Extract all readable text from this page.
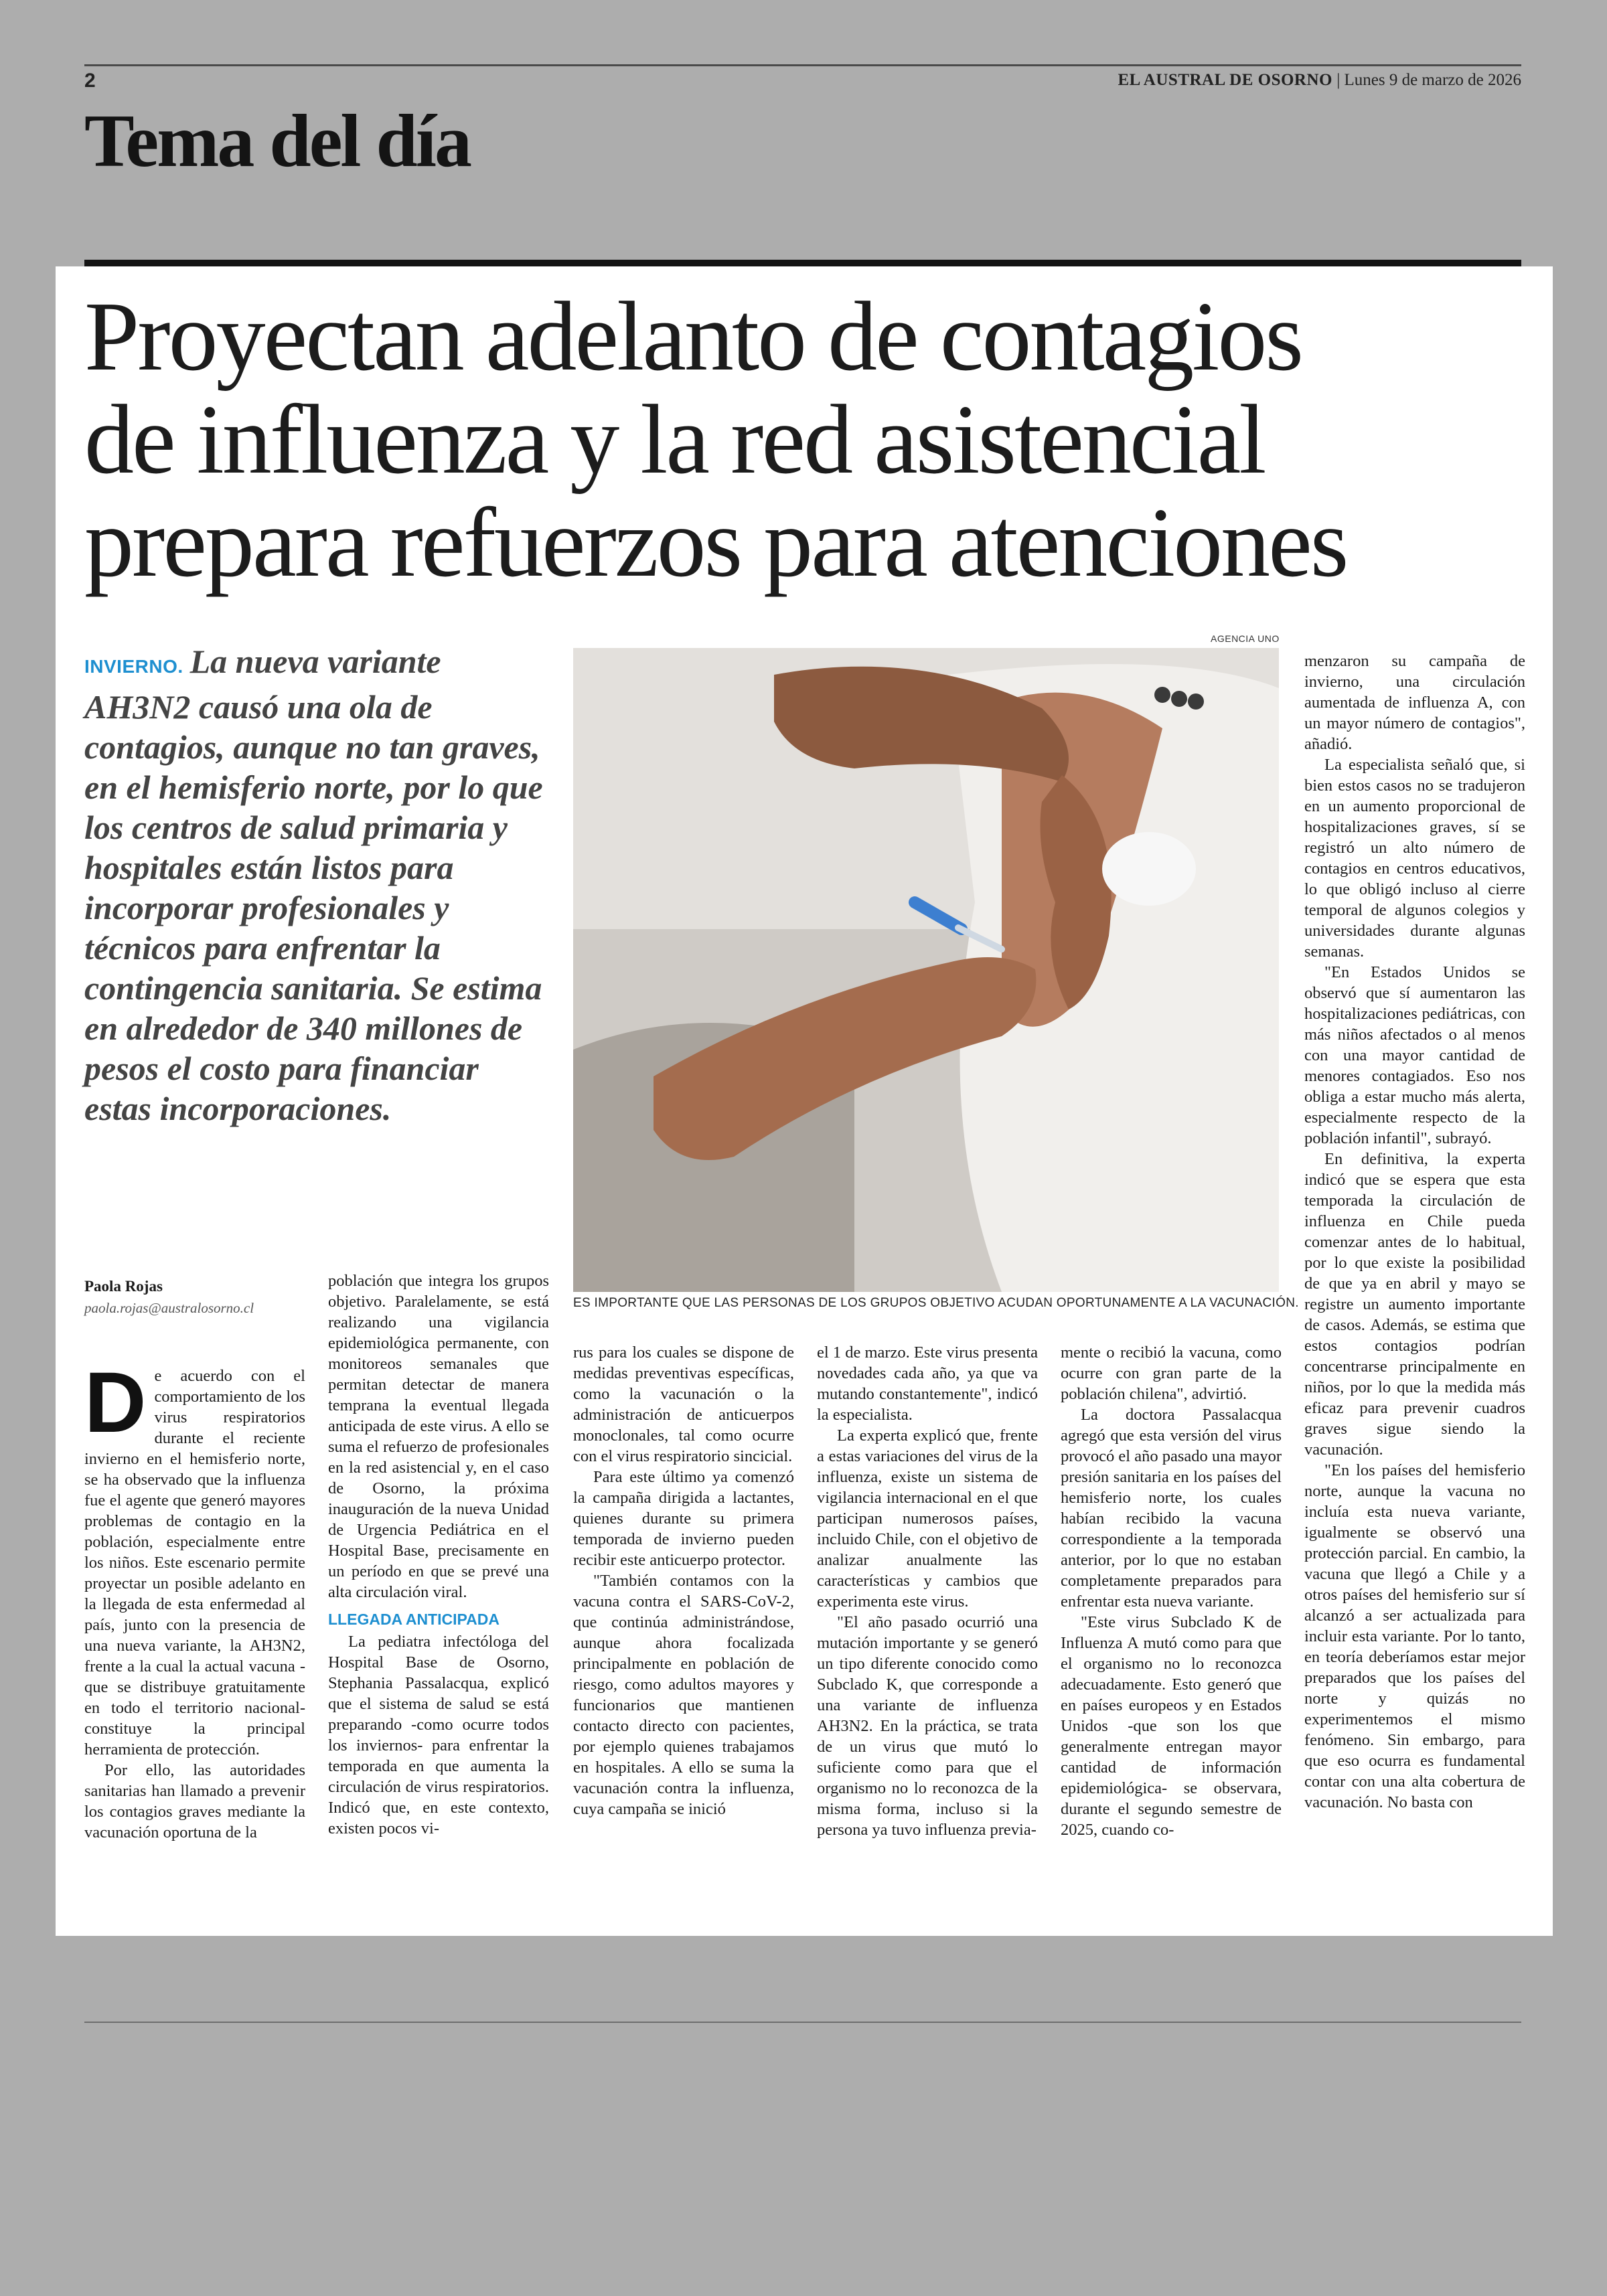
2	EL AUSTRAL DE OSORNO | Lunes 9 de marzo de 2026
Tema del día
Proyectan adelanto de contagios
de influenza y la red asistencial
prepara refuerzos para atenciones

INVIERNO. La nueva variante AH3N2 causó una ola de contagios, aunque no tan graves, en el hemisferio norte, por lo que los centros de salud primaria y hospitales están listos para incorporar profesionales y técnicos para enfrentar la contingencia sanitaria. Se estima en alrededor de 340 millones de pesos el costo para financiar estas incorporaciones.

AGENCIA UNO
ES IMPORTANTE QUE LAS PERSONAS DE LOS GRUPOS OBJETIVO ACUDAN OPORTUNAMENTE A LA VACUNACIÓN.
Paola Rojas
paola.rojas@australosorno.cl

De acuerdo con el comportamiento de los virus respiratorios durante el reciente invierno en el hemisferio norte, se ha observado que la influenza fue el agente que generó mayores problemas de contagio en la población, especialmente entre los niños. Este escenario permite proyectar un posible adelanto en la llegada de esta enfermedad al país, junto con la presencia de una nueva variante, la AH3N2, frente a la cual la actual vacuna -que se distribuye gratuitamente en todo el territorio nacional- constituye la principal herramienta de protección.

Por ello, las autoridades sanitarias han llamado a prevenir los contagios graves mediante la vacunación oportuna de la

población que integra los grupos objetivo. Paralelamente, se está realizando una vigilancia epidemiológica permanente, con monitoreos semanales que permitan detectar de manera temprana la eventual llegada anticipada de este virus. A ello se suma el refuerzo de profesionales en la red asistencial y, en el caso de Osorno, la próxima inauguración de la nueva Unidad de Urgencia Pediátrica en el Hospital Base, precisamente en un período en que se prevé una alta circulación viral.

LLEGADA ANTICIPADA

La pediatra infectóloga del Hospital Base de Osorno, Stephania Passalacqua, explicó que el sistema de salud se está preparando -como ocurre todos los inviernos- para enfrentar la temporada en que aumenta la circulación de virus respiratorios. Indicó que, en este contexto, existen pocos vi-

rus para los cuales se dispone de medidas preventivas específicas, como la vacunación o la administración de anticuerpos monoclonales, tal como ocurre con el virus respiratorio sincicial.

Para este último ya comenzó la campaña dirigida a lactantes, quienes durante su primera temporada de invierno pueden recibir este anticuerpo protector.

"También contamos con la vacuna contra el SARS-CoV-2, que continúa administrándose, aunque ahora focalizada principalmente en población de riesgo, como adultos mayores y funcionarios que mantienen contacto directo con pacientes, por ejemplo quienes trabajamos en hospitales. A ello se suma la vacunación contra la influenza, cuya campaña se inició

el 1 de marzo. Este virus presenta novedades cada año, ya que va mutando constantemente", indicó la especialista.

La experta explicó que, frente a estas variaciones del virus de la influenza, existe un sistema de vigilancia internacional en el que participan numerosos países, incluido Chile, con el objetivo de analizar anualmente las características y cambios que experimenta este virus.

"El año pasado ocurrió una mutación importante y se generó un tipo diferente conocido como Subclado K, que corresponde a una variante de influenza AH3N2. En la práctica, se trata de un virus que mutó lo suficiente como para que el organismo no lo reconozca de la misma forma, incluso si la persona ya tuvo influenza previa-

mente o recibió la vacuna, como ocurre con gran parte de la población chilena", advirtió.

La doctora Passalacqua agregó que esta versión del virus provocó el año pasado una mayor presión sanitaria en los países del hemisferio norte, los cuales habían recibido la vacuna correspondiente a la temporada anterior, por lo que no estaban completamente preparados para enfrentar esta nueva variante.

"Este virus Subclado K de Influenza A mutó como para que el organismo no lo reconozca adecuadamente. Esto generó que en países europeos y en Estados Unidos -que son los que generalmente entregan mayor cantidad de información epidemiológica- se observara, durante el segundo semestre de 2025, cuando co-

menzaron su campaña de invierno, una circulación aumentada de influenza A, con un mayor número de contagios", añadió.

La especialista señaló que, si bien estos casos no se tradujeron en un aumento proporcional de hospitalizaciones graves, sí se registró un alto número de contagios en centros educativos, lo que obligó incluso al cierre temporal de algunos colegios y universidades durante algunas semanas.

"En Estados Unidos se observó que sí aumentaron las hospitalizaciones pediátricas, con más niños afectados o al menos con una mayor cantidad de menores contagiados. Eso nos obliga a estar mucho más alerta, especialmente respecto de la población infantil", subrayó.

En definitiva, la experta indicó que se espera que esta temporada la circulación de influenza en Chile pueda comenzar antes de lo habitual, por lo que existe la posibilidad de que ya en abril y mayo se registre un aumento importante de casos. Además, se estima que estos contagios podrían concentrarse principalmente en niños, por lo que la medida más eficaz para prevenir cuadros graves sigue siendo la vacunación.

"En los países del hemisferio norte, aunque la vacuna no incluía esta nueva variante, igualmente se observó una protección parcial. En cambio, la vacuna que llegó a Chile y a otros países del hemisferio sur sí alcanzó a ser actualizada para incluir esta variante. Por lo tanto, en teoría deberíamos estar mejor preparados que los países del norte y quizás no experimentemos el mismo fenómeno. Sin embargo, para que eso ocurra es fundamental contar con una alta cobertura de vacunación. No basta con
